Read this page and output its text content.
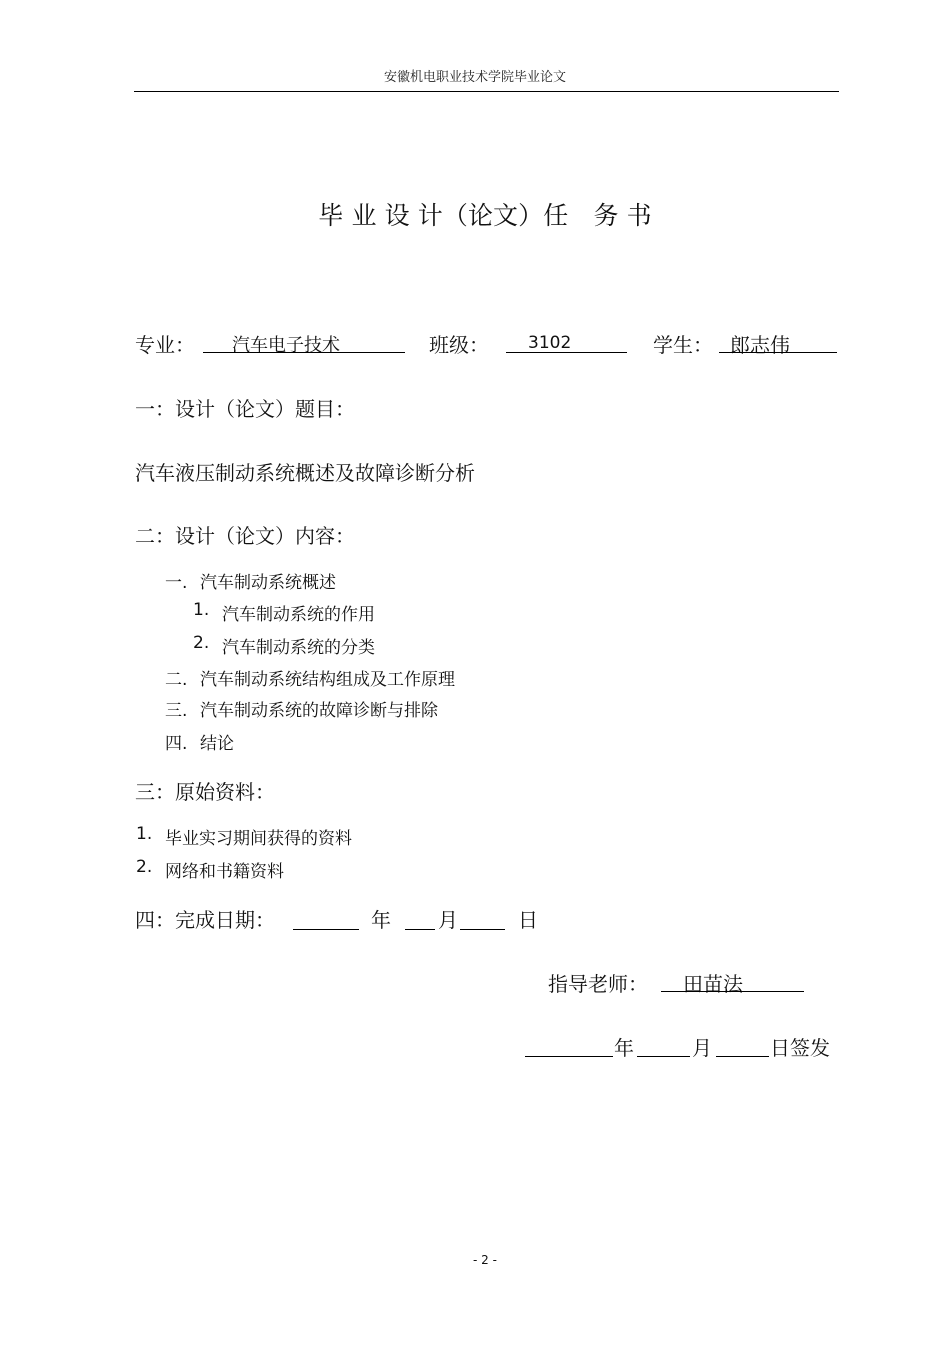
安徽机电职业技术学院毕业论文
毕 业 设 计（论文）任　务 书
专业： 汽车电子技术	班级： 3102	学生： 郎志伟
一：设计（论文）题目：
汽车液压制动系统概述及故障诊断分析
二：设计（论文）内容：
一. 汽车制动系统概述
1. 汽车制动系统的作用
2. 汽车制动系统的分类
二. 汽车制动系统结构组成及工作原理
三. 汽车制动系统的故障诊断与排除
四. 结论
三：原始资料：
1. 毕业实习期间获得的资料
2. 网络和书籍资料
四：完成日期：	年 月	日
指导老师： 田苗法
年	月	日签发
- 2 -
